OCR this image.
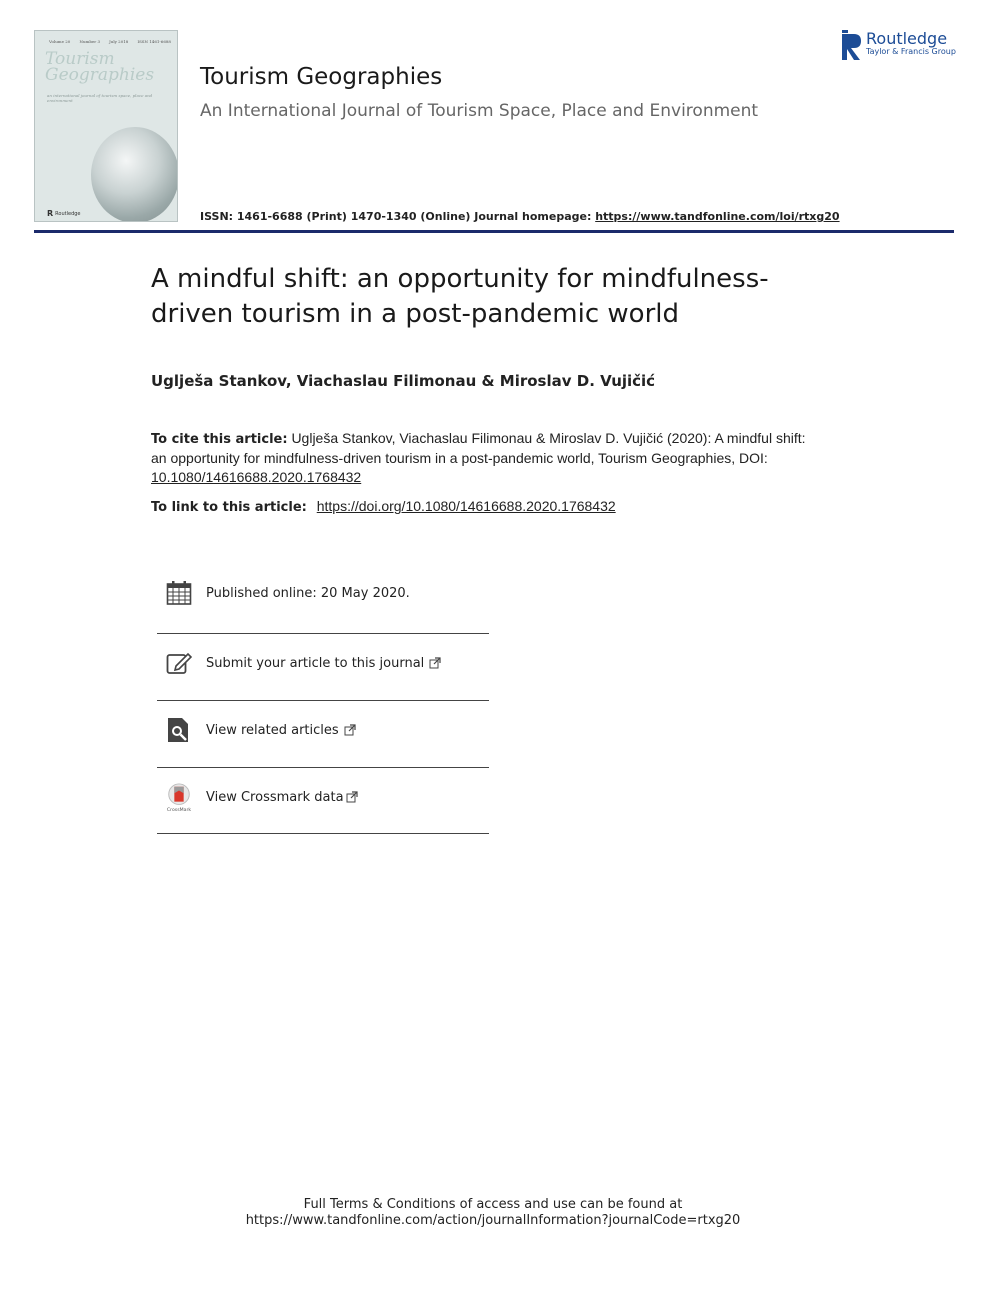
Volume 20 Number 3 July 2018 ISSN 1461-6688
Tourism
Geographies
an international journal of tourism space, place and environment
R Routledge
Tourism Geographies
An International Journal of Tourism Space, Place and Environment
ISSN: 1461-6688 (Print) 1470-1340 (Online) Journal homepage: https://www.tandfonline.com/loi/rtxg20
Routledge
Taylor & Francis Group
A mindful shift: an opportunity for mindfulness-driven tourism in a post-pandemic world
Uglješa Stankov, Viachaslau Filimonau & Miroslav D. Vujičić
To cite this article: Uglješa Stankov, Viachaslau Filimonau & Miroslav D. Vujičić (2020): A mindful shift: an opportunity for mindfulness-driven tourism in a post-pandemic world, Tourism Geographies, DOI: 10.1080/14616688.2020.1768432
To link to this article: https://doi.org/10.1080/14616688.2020.1768432
Published online: 20 May 2020.
Submit your article to this journal
View related articles
CrossMark
View Crossmark data
Full Terms & Conditions of access and use can be found at
https://www.tandfonline.com/action/journalInformation?journalCode=rtxg20
